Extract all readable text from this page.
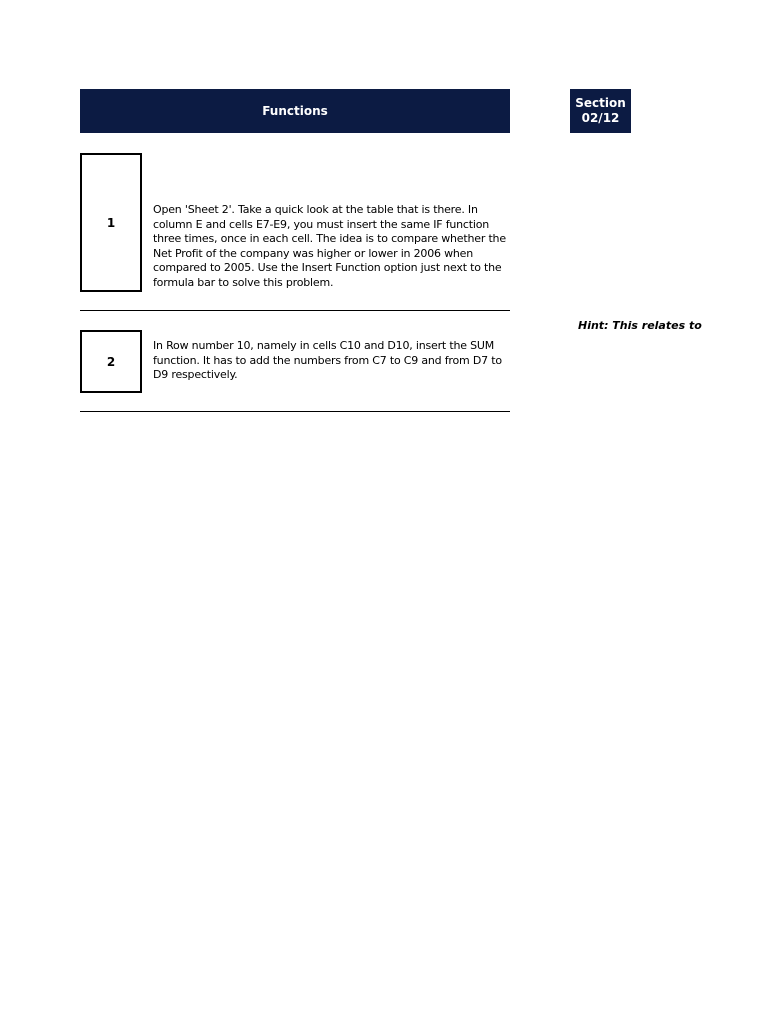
Functions
Section
02/12
1
Open 'Sheet 2'. Take a quick look at the table that is there. In column E and cells E7-E9, you must insert the same IF function three times, once in each cell. The idea is to compare whether the Net Profit of the company was higher or lower in 2006 when compared to 2005. Use the Insert Function option just next to the formula bar to solve this problem.
2
In Row number 10, namely in cells C10 and D10, insert the SUM function. It has to add the numbers from C7 to C9 and from D7 to D9 respectively.
Hint: This relates to
